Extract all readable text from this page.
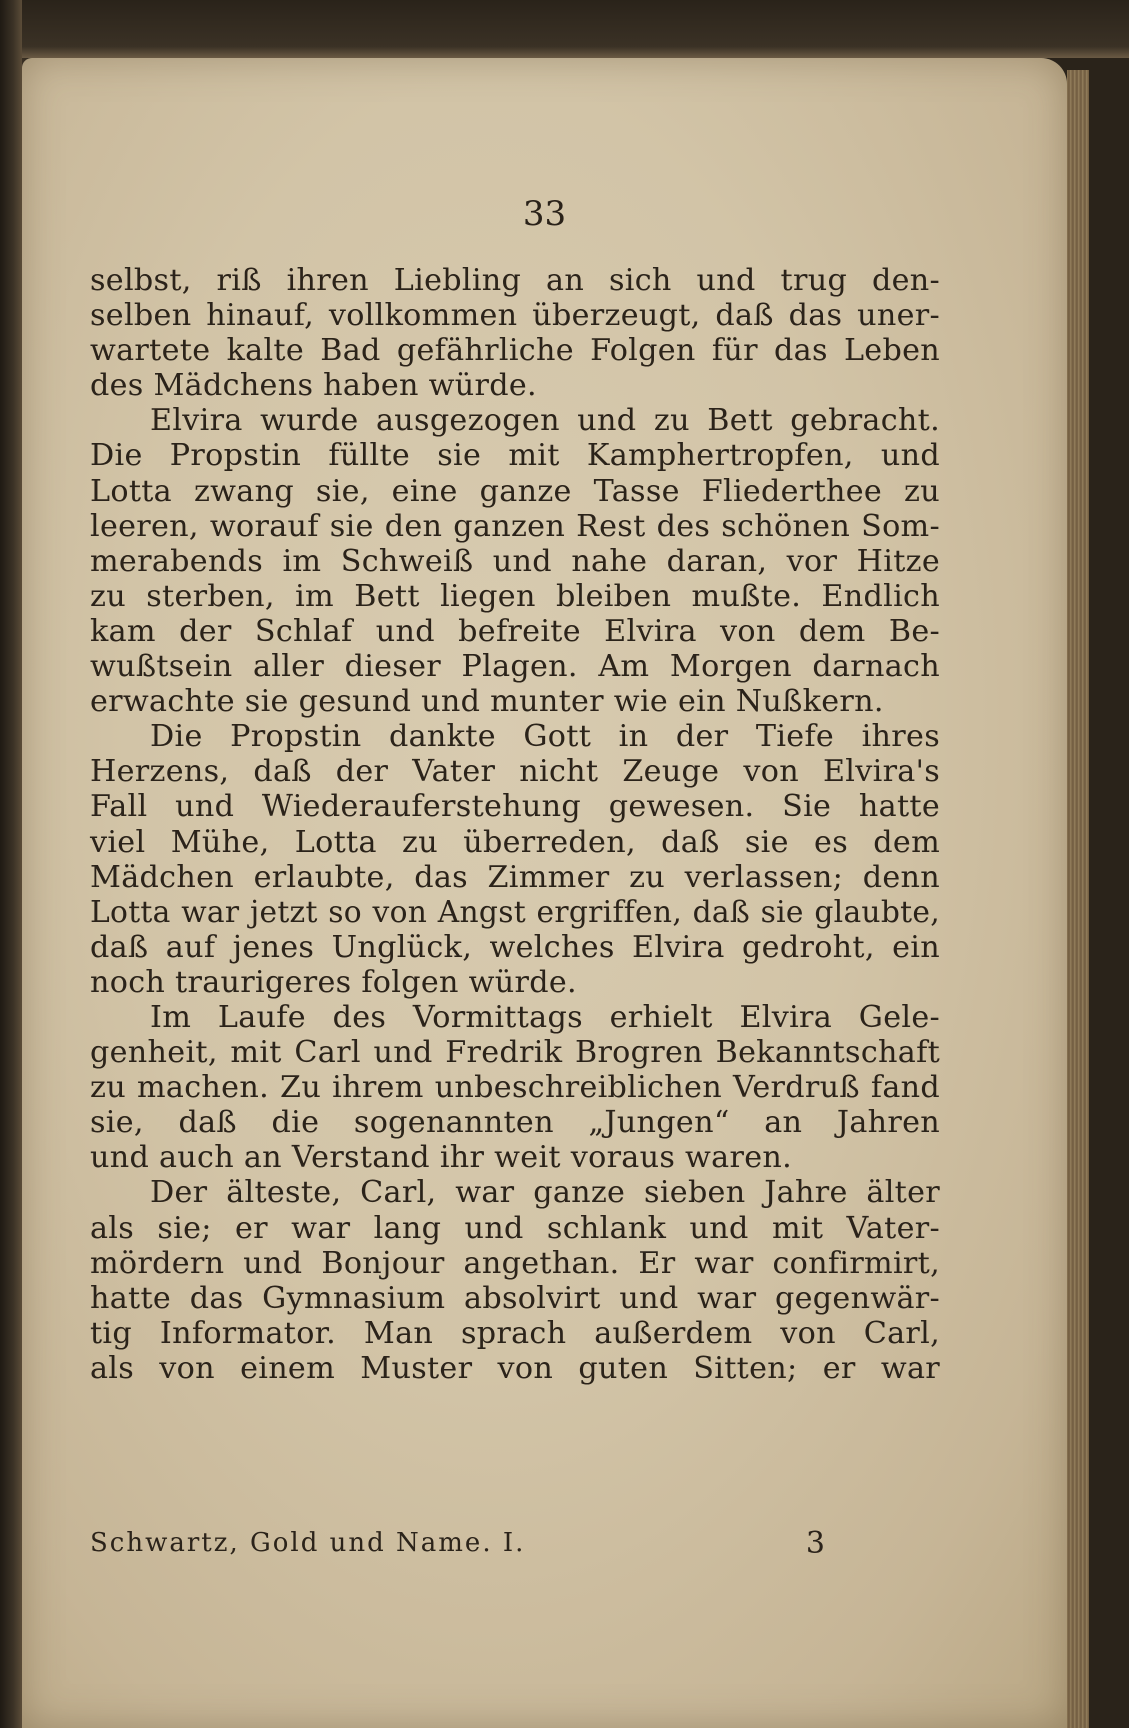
33
selbst, riß ihren Liebling an sich und trug den-
selben hinauf, vollkommen überzeugt, daß das uner-
wartete kalte Bad gefährliche Folgen für das Leben
des Mädchens haben würde.
Elvira wurde ausgezogen und zu Bett gebracht.
Die Propstin füllte sie mit Kamphertropfen, und
Lotta zwang sie, eine ganze Tasse Fliederthee zu
leeren, worauf sie den ganzen Rest des schönen Som-
merabends im Schweiß und nahe daran, vor Hitze
zu sterben, im Bett liegen bleiben mußte. Endlich
kam der Schlaf und befreite Elvira von dem Be-
wußtsein aller dieser Plagen. Am Morgen darnach
erwachte sie gesund und munter wie ein Nußkern.
Die Propstin dankte Gott in der Tiefe ihres
Herzens, daß der Vater nicht Zeuge von Elvira's
Fall und Wiederauferstehung gewesen. Sie hatte
viel Mühe, Lotta zu überreden, daß sie es dem
Mädchen erlaubte, das Zimmer zu verlassen; denn
Lotta war jetzt so von Angst ergriffen, daß sie glaubte,
daß auf jenes Unglück, welches Elvira gedroht, ein
noch traurigeres folgen würde.
Im Laufe des Vormittags erhielt Elvira Gele-
genheit, mit Carl und Fredrik Brogren Bekanntschaft
zu machen. Zu ihrem unbeschreiblichen Verdruß fand
sie, daß die sogenannten „Jungen“ an Jahren
und auch an Verstand ihr weit voraus waren.
Der älteste, Carl, war ganze sieben Jahre älter
als sie; er war lang und schlank und mit Vater-
mördern und Bonjour angethan. Er war confirmirt,
hatte das Gymnasium absolvirt und war gegenwär-
tig Informator. Man sprach außerdem von Carl,
als von einem Muster von guten Sitten; er war
Schwartz, Gold und Name. I.	3
